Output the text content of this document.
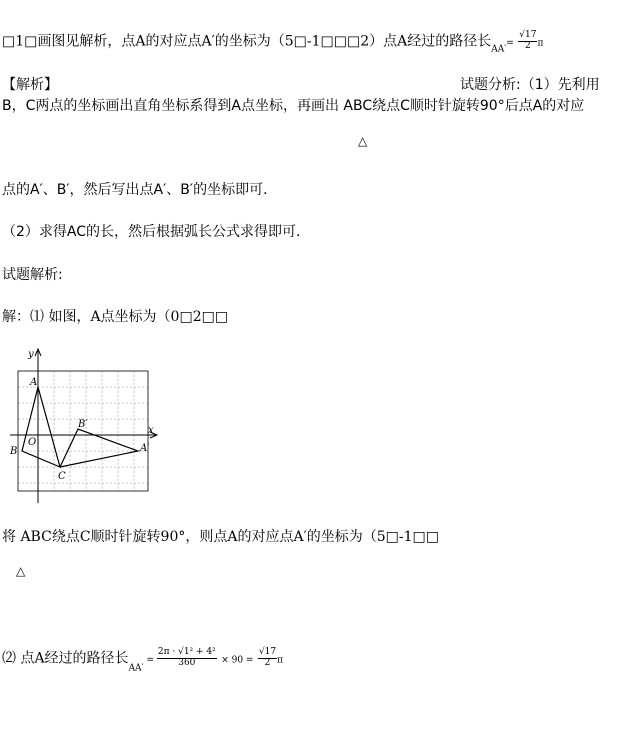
□1□画图见解析，点A的对应点A′的坐标为（5□-1□□□2）点A经过的路径长$_{AA'}= \frac{√17}{2}$ π
【解析】	试题分析:（1）先利用
B，C两点的坐标画出直角坐标系得到A点坐标，再画出 ABC绕点C顺时针旋转90°后点A的对应
△
点的A′、B′，然后写出点A′、B′的坐标即可．
（2）求得AC的长，然后根据弧长公式求得即可．
试题解析:
解：⑴ 如图，A点坐标为（0□2□□
y
x
A
O
B
C
B′
A′
将 ABC绕点C顺时针旋转90°，则点A的对应点A′的坐标为（5□-1□□
△
⑵ 点A经过的路径长$_{AA'} = \frac{\text{2π · √1² + 4²}}{360} \times 90 = \frac{√17}{2}$ π
